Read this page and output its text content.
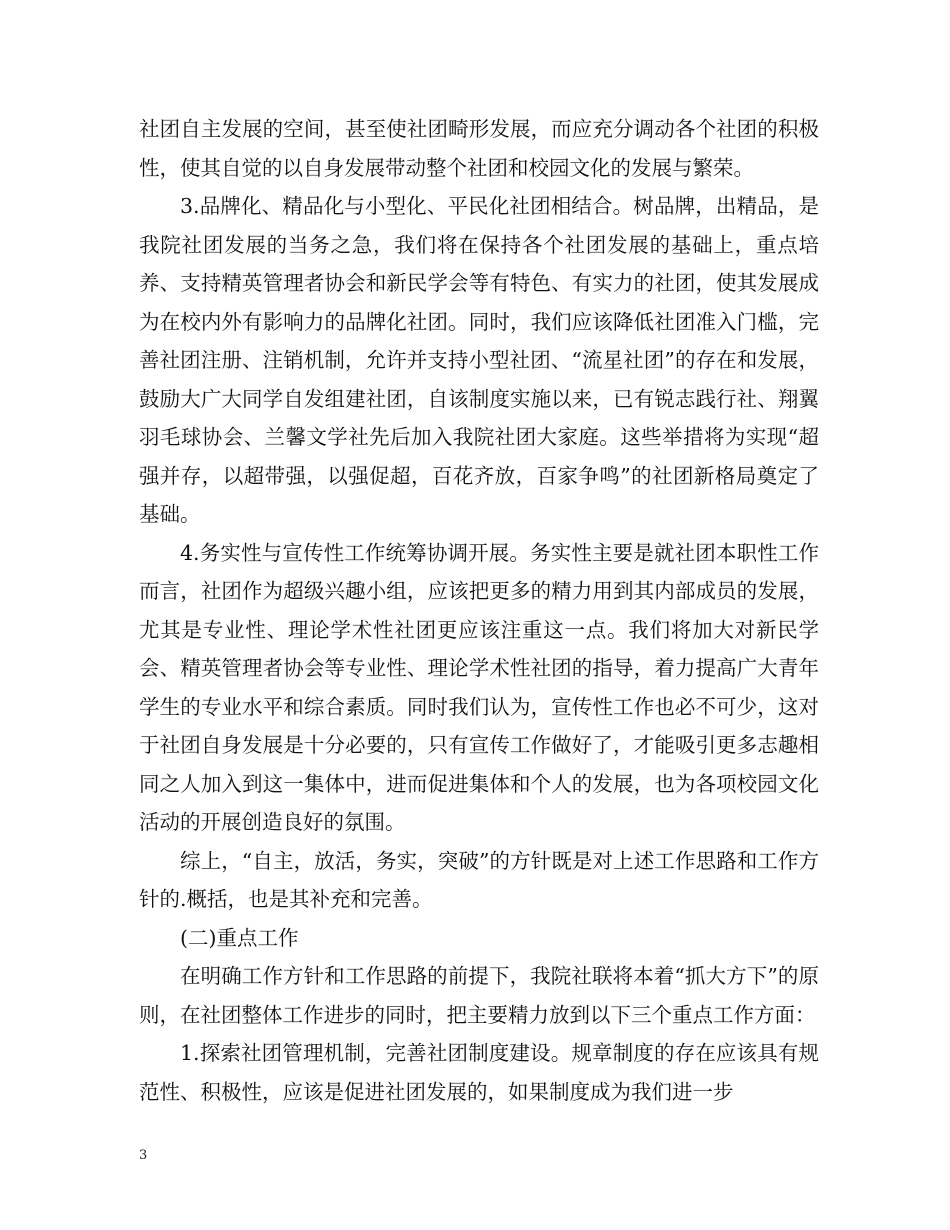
社团自主发展的空间，甚至使社团畸形发展，而应充分调动各个社团的积极性，使其自觉的以自身发展带动整个社团和校园文化的发展与繁荣。

3.品牌化、精品化与小型化、平民化社团相结合。树品牌，出精品，是我院社团发展的当务之急，我们将在保持各个社团发展的基础上，重点培养、支持精英管理者协会和新民学会等有特色、有实力的社团，使其发展成为在校内外有影响力的品牌化社团。同时，我们应该降低社团准入门槛，完善社团注册、注销机制，允许并支持小型社团、“流星社团”的存在和发展，鼓励大广大同学自发组建社团，自该制度实施以来，已有锐志践行社、翔翼羽毛球协会、兰馨文学社先后加入我院社团大家庭。这些举措将为实现“超强并存，以超带强，以强促超，百花齐放，百家争鸣”的社团新格局奠定了基础。

4.务实性与宣传性工作统筹协调开展。务实性主要是就社团本职性工作而言，社团作为超级兴趣小组，应该把更多的精力用到其内部成员的发展，尤其是专业性、理论学术性社团更应该注重这一点。我们将加大对新民学会、精英管理者协会等专业性、理论学术性社团的指导，着力提高广大青年学生的专业水平和综合素质。同时我们认为，宣传性工作也必不可少，这对于社团自身发展是十分必要的，只有宣传工作做好了，才能吸引更多志趣相同之人加入到这一集体中，进而促进集体和个人的发展，也为各项校园文化活动的开展创造良好的氛围。

综上，“自主，放活，务实，突破”的方针既是对上述工作思路和工作方针的.概括，也是其补充和完善。

(二)重点工作

在明确工作方针和工作思路的前提下，我院社联将本着“抓大方下”的原则，在社团整体工作进步的同时，把主要精力放到以下三个重点工作方面：

1.探索社团管理机制，完善社团制度建设。规章制度的存在应该具有规范性、积极性，应该是促进社团发展的，如果制度成为我们进一步

3
